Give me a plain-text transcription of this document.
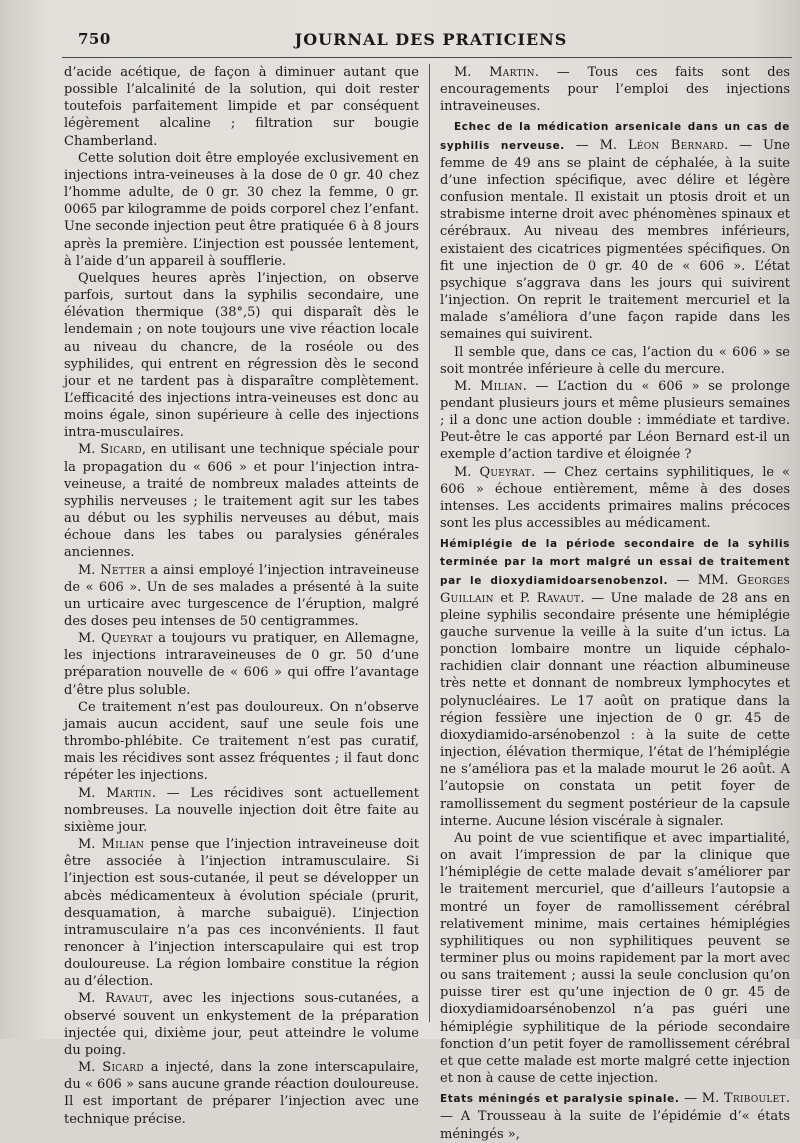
750	JOURNAL DES PRATICIENS

d’acide acétique, de façon à diminuer autant que possible l’alcalinité de la solution, qui doit rester toutefois parfaitement limpide et par conséquent légèrement alcaline ; filtration sur bougie Chamberland.

Cette solution doit être employée exclusivement en injections intra-veineuses à la dose de 0 gr. 40 chez l’homme adulte, de 0 gr. 30 chez la femme, 0 gr. 0065 par kilogramme de poids corporel chez l’enfant. Une seconde injection peut être pratiquée 6 à 8 jours après la première. L’injection est poussée lentement, à l’aide d’un appareil à soufflerie.

Quelques heures après l’injection, on observe parfois, surtout dans la syphilis secondaire, une élévation thermique (38°,5) qui disparaît dès le lendemain ; on note toujours une vive réaction locale au niveau du chancre, de la roséole ou des syphilides, qui entrent en régression dès le second jour et ne tardent pas à disparaître complètement. L’efficacité des injections intra-veineuses est donc au moins égale, sinon supérieure à celle des injections intra-musculaires.

M. Sicard, en utilisant une technique spéciale pour la propagation du « 606 » et pour l’injection intra-veineuse, a traité de nombreux malades atteints de syphilis nerveuses ; le traitement agit sur les tabes au début ou les syphilis nerveuses au début, mais échoue dans les tabes ou paralysies générales anciennes.

M. Netter a ainsi employé l’injection intraveineuse de « 606 ». Un de ses malades a présenté à la suite un urticaire avec turgescence de l’éruption, malgré des doses peu intenses de 50 centigrammes.

M. Queyrat a toujours vu pratiquer, en Allemagne, les injections intraraveineuses de 0 gr. 50 d’une préparation nouvelle de « 606 » qui offre l’avantage d’être plus soluble.

Ce traitement n’est pas douloureux. On n’observe jamais aucun accident, sauf une seule fois une thrombo-phlébite. Ce traitement n’est pas curatif, mais les récidives sont assez fréquentes ; il faut donc répéter les injections.

M. Martin. — Les récidives sont actuellement nombreuses. La nouvelle injection doit être faite au sixième jour.

M. Milian pense que l’injection intraveineuse doit être associée à l’injection intramusculaire. Si l’injection est sous-cutanée, il peut se développer un abcès médicamenteux à évolution spéciale (prurit, desquamation, à marche subaiguë). L’injection intramusculaire n’a pas ces inconvénients. Il faut renoncer à l’injection interscapulaire qui est trop douloureuse. La région lombaire constitue la région au d’élection.

M. Ravaut, avec les injections sous-cutanées, a observé souvent un enkystement de la préparation injectée qui, dixième jour, peut atteindre le volume du poing.

M. Sicard a injecté, dans la zone interscapulaire, du « 606 » sans aucune grande réaction douloureuse. Il est important de préparer l’injection avec une technique précise.

M. Martin. — Tous ces faits sont des encouragements pour l’emploi des injections intraveineuses.

Echec de la médication arsenicale dans un cas de syphilis nerveuse. — M. Léon Bernard. — Une femme de 49 ans se plaint de céphalée, à la suite d’une infection spécifique, avec délire et légère confusion mentale. Il existait un ptosis droit et un strabisme interne droit avec phénomènes spinaux et cérébraux. Au niveau des membres inférieurs, existaient des cicatrices pigmentées spécifiques. On fit une injection de 0 gr. 40 de « 606 ». L’état psychique s’aggrava dans les jours qui suivirent l’injection. On reprit le traitement mercuriel et la malade s’améliora d’une façon rapide dans les semaines qui suivirent.

Il semble que, dans ce cas, l’action du « 606 » se soit montrée inférieure à celle du mercure.

M. Milian. — L’action du « 606 » se prolonge pendant plusieurs jours et même plusieurs semaines ; il a donc une action double : immédiate et tardive. Peut-être le cas apporté par Léon Bernard est-il un exemple d’action tardive et éloignée ?

M. Queyrat. — Chez certains syphilitiques, le « 606 » échoue entièrement, même à des doses intenses. Les accidents primaires malins précoces sont les plus accessibles au médicament.

Hémiplégie de la période secondaire de la syhilis terminée par la mort malgré un essai de traitement par le dioxydiamidoarsenobenzol. — MM. Georges Guillain et P. Ravaut. — Une malade de 28 ans en pleine syphilis secondaire présente une hémiplégie gauche survenue la veille à la suite d’un ictus. La ponction lombaire montre un liquide céphalo-rachidien clair donnant une réaction albumineuse très nette et donnant de nombreux lymphocytes et polynucléaires. Le 17 août on pratique dans la région fessière une injection de 0 gr. 45 de dioxydiamido-arsénobenzol : à la suite de cette injection, élévation thermique, l’état de l’hémiplégie ne s’améliora pas et la malade mourut le 26 août. A l’autopsie on constata un petit foyer de ramollissement du segment postérieur de la capsule interne. Aucune lésion viscérale à signaler.

Au point de vue scientifique et avec impartialité, on avait l’impression de par la clinique que l’hémiplégie de cette malade devait s’améliorer par le traitement mercuriel, que d’ailleurs l’autopsie a montré un foyer de ramollissement cérébral relativement minime, mais certaines hémiplégies syphilitiques ou non syphilitiques peuvent se terminer plus ou moins rapidement par la mort avec ou sans traitement ; aussi la seule conclusion qu’on puisse tirer est qu’une injection de 0 gr. 45 de dioxydiamidoarsénobenzol n’a pas guéri une hémiplégie syphilitique de la période secondaire fonction d’un petit foyer de ramollissement cérébral et que cette malade est morte malgré cette injection et non à cause de cette injection.

Etats méningés et paralysie spinale. — M. Triboulet. — A Trousseau à la suite de l’épidémie d’« états méningés »,
